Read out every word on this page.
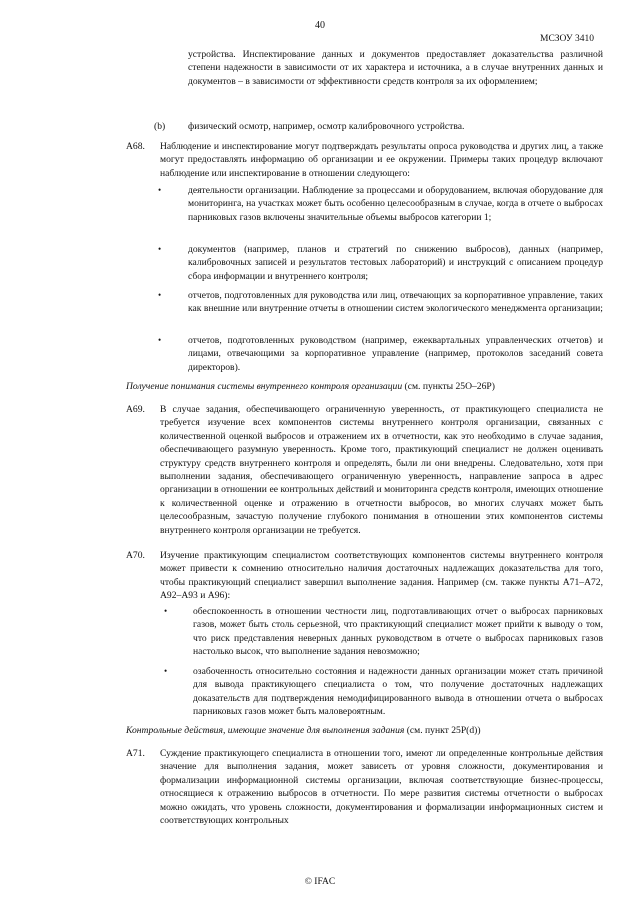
40
МСЗОУ 3410

устройства. Инспектирование данных и документов предоставляет доказательства различной степени надежности в зависимости от их характера и источника, а в случае внутренних данных и документов – в зависимости от эффективности средств контроля за их оформлением;

(b) физический осмотр, например, осмотр калибровочного устройства.

A68. Наблюдение и инспектирование могут подтверждать результаты опроса руководства и других лиц, а также могут предоставлять информацию об организации и ее окружении. Примеры таких процедур включают наблюдение или инспектирование в отношении следующего:

•	деятельности организации. Наблюдение за процессами и оборудованием, включая оборудование для мониторинга, на участках может быть особенно целесообразным в случае, когда в отчете о выбросах парниковых газов включены значительные объемы выбросов категории 1;

•	документов (например, планов и стратегий по снижению выбросов), данных (например, калибровочных записей и результатов тестовых лабораторий) и инструкций с описанием процедур сбора информации и внутреннего контроля;

•	отчетов, подготовленных для руководства или лиц, отвечающих за корпоративное управление, таких как внешние или внутренние отчеты в отношении систем экологического менеджмента организации;

•	отчетов, подготовленных руководством (например, ежеквартальных управленческих отчетов) и лицами, отвечающими за корпоративное управление (например, протоколов заседаний совета директоров).

Получение понимания системы внутреннего контроля организации (см. пункты 25O–26P)
A69. В случае задания, обеспечивающего ограниченную уверенность, от практикующего специалиста не требуется изучение всех компонентов системы внутреннего контроля организации, связанных с количественной оценкой выбросов и отражением их в отчетности, как это необходимо в случае задания, обеспечивающего разумную уверенность. Кроме того, практикующий специалист не должен оценивать структуру средств внутреннего контроля и определять, были ли они внедрены. Следовательно, хотя при выполнении задания, обеспечивающего ограниченную уверенность, направление запроса в адрес организации в отношении ее контрольных действий и мониторинга средств контроля, имеющих отношение к количественной оценке и отражению в отчетности выбросов, во многих случаях может быть целесообразным, зачастую получение глубокого понимания в отношении этих компонентов системы внутреннего контроля организации не требуется.

A70. Изучение практикующим специалистом соответствующих компонентов системы внутреннего контроля может привести к сомнению относительно наличия достаточных надлежащих доказательства для того, чтобы практикующий специалист завершил выполнение задания. Например (см. также пункты A71–A72, A92–A93 и A96):

•	обеспокоенность в отношении честности лиц, подготавливающих отчет о выбросах парниковых газов, может быть столь серьезной, что практикующий специалист может прийти к выводу о том, что риск представления неверных данных руководством в отчете о выбросах парниковых газов настолько высок, что выполнение задания невозможно;

•	озабоченность относительно состояния и надежности данных организации может стать причиной для вывода практикующего специалиста о том, что получение достаточных надлежащих доказательств для подтверждения немодифицированного вывода в отношении отчета о выбросах парниковых газов может быть маловероятным.

Контрольные действия, имеющие значение для выполнения задания (см. пункт 25P(d))
A71. Суждение практикующего специалиста в отношении того, имеют ли определенные контрольные действия значение для выполнения задания, может зависеть от уровня сложности, документирования и формализации информационной системы организации, включая соответствующие бизнес-процессы, относящиеся к отражению выбросов в отчетности. По мере развития системы отчетности о выбросах можно ожидать, что уровень сложности, документирования и формализации информационных систем и соответствующих контрольных

© IFAC
